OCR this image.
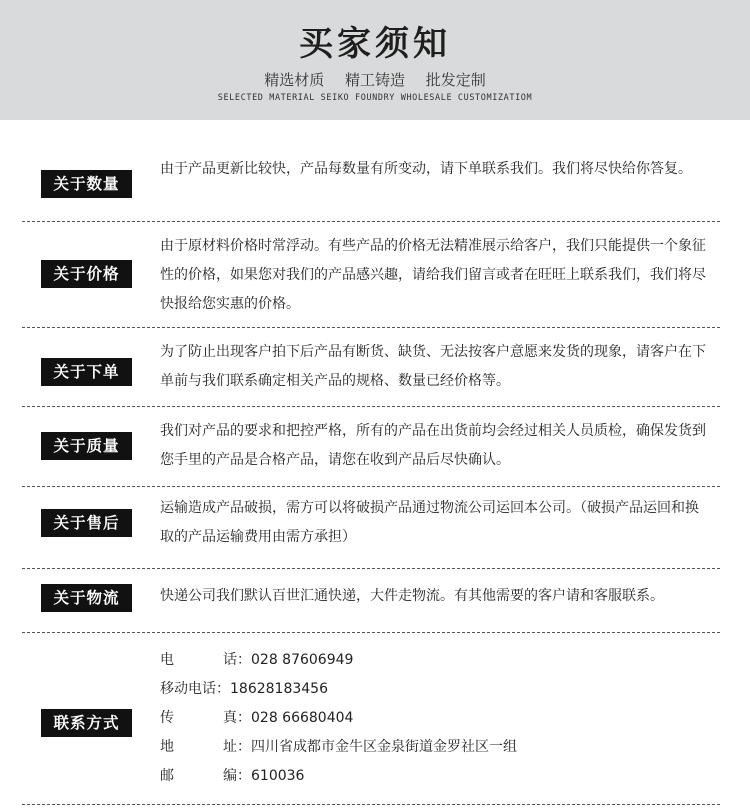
买家须知
精选材质 精工铸造 批发定制
SELECTED MATERIAL SEIKO FOUNDRY WHOLESALE CUSTOMIZATIOM
关于数量
由于产品更新比较快，产品每数量有所变动，请下单联系我们。我们将尽快给你答复。
关于价格
由于原材料价格时常浮动。有些产品的价格无法精准展示给客户，我们只能提供一个象征性的价格，如果您对我们的产品感兴趣，请给我们留言或者在旺旺上联系我们，我们将尽快报给您实惠的价格。
关于下单
为了防止出现客户拍下后产品有断货、缺货、无法按客户意愿来发货的现象，请客户在下单前与我们联系确定相关产品的规格、数量已经价格等。
关于质量
我们对产品的要求和把控严格，所有的产品在出货前均会经过相关人员质检，确保发货到您手里的产品是合格产品，请您在收到产品后尽快确认。
关于售后
运输造成产品破损，需方可以将破损产品通过物流公司运回本公司。（破损产品运回和换取的产品运输费用由需方承担）
关于物流	快递公司我们默认百世汇通快递，大件走物流。有其他需要的客户请和客服联系。
联系方式
电话：028 87606949
移动电话：18628183456
传真：028 66680404
地址：四川省成都市金牛区金泉街道金罗社区一组
邮编：610036
